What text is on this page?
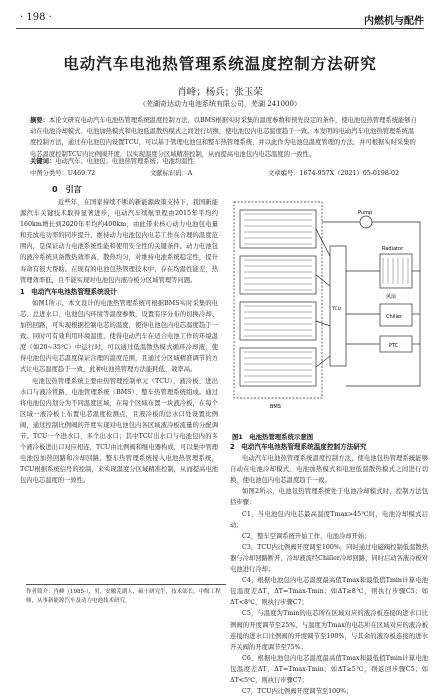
· 198 ·	内燃机与配件
电动汽车电池热管理系统温度控制方法研究
肖峰；杨兵；张玉荣
（芜湖奇达动力电池系统有限公司，芜湖 241000）
摘要：本论文研究电动汽车电池热管理系统温度控制方法，以BMS根据实时采集的温度参数和预先设定的条件，使电池包热管理系统能够自动在电池冷却模式、电池加热模式和电池低温散热模式之间进行切换，使电池包内电芯温度趋于一致。本发明的电动汽车电池热管理系统温度控制方法，通过在电池包内设置TCU，可以基于管理电池包和整车热管理系统，并以此作为电池包温度管理的方法，并可根据实时采集的电芯温度控制TCU内比例阀开度，以实现温度分区域精准控制，从而提高电池包内电芯温度的一致性。
关键词：电动汽车；电池包；电池热管理系统；电池均温性
中图分类号：U469.72	文献标识码：A	文章编号：1674-957X（2021）05-0198-02
0　引言
近些年，在国家持续不断的新能源政策支持下，我国新能源汽车关键技术取得显著进步，电动汽车续航里程由2015年平均约160km增长到2020年平均约400km，由此带来核心动力电池包电量和充放电功率的同步提升，维持动力电池包内电芯工作在合理的温度范围内，是保证动力电池系统性能和使用安全性的关键条件。动力电池包的液冷系统具备散热效率高、散热均匀，对维持电池系统稳定性，提升寿命有很大帮助。在现有的电池包热管理技术中，存在均温性能差，热管理效率低，且不能实现对电池包内液冷板分区域管理等问题。
1　电动汽车电池热管理系统设计
如图1所示，本文设计的电池热管理系统可根据BMS实时采集的电芯、总进水口、电池包内环境等温度参数，设置有序分布的切换冷却、加热回路，可实现根据控制电芯的温度，使得电池包内电芯温度趋于一致。同时可有效利用环境温度，使得电动汽车在适合电池工作的环境温度（如20~35℃）中运行时，可以通过低温散热模式循环冷却液，使得电池包内电芯温度保证合理的温度范围，且通过分区域精准调节的方式让电芯温度趋于一致，此种电池热管理方法能耗低、效率高。
电池包热管理系统主要由热管理控制单元（TCU）、液冷板、进出水口与液冷管路、电池管理系统（BMS）、整车热管理系统组成。通过将电池包内划分为不同温度区域，在每个区域布置一块液冷板，在每个区域一液冷板上布置电芯温度检测点，且液冷板的总水口处设置比例阀，通过控制比例阀的开度实现对电池包内各区域液冷板流量的分配调节。TCU一个进水口、多个出水口；其中TCU出水口与电池包内的多个液冷板进出口对应相连，TCU由比例阀和继电器构成，可以集中管理电池包加热回路和冷却回路，整车热管理系统接入电池热管理系统，TCU根据系统信号的控制，来实现温度分区域精准控制，从而提高电池包内电芯温度的一致性。
Pump
Radiator
Chiller
PTC
TCU
BMS
风扇
图1　电池热管理系统示意图
2　电动汽车电池热管理系统温度控制方法研究
电动汽车电池热管理系统温度控制方法，使电池包热管理系统能够自动在电池冷却模式、电池加热模式和电池低温散热模式之间进行切换，使电池包内电芯温度趋于一致。
如图2所示，电池包热管理系统处于电池冷却模式时，控制方法包括步骤：
C1，当电池包内电芯最高温度Tmax>45℃时，电池冷却模式启动；
C2，整车空调系统开始工作，电池冷却开始；
C3，TCU内比例阀开度调至100%，同时通过电磁阀控制低温散热器与冷却回路断开，冷却液流经Chiller冷却回路，同时启动各液冷板对电池进行冷却；
C4，根据电池包内电芯温度最高值Tmax和最低值Tmin计算电池包温度差ΔT，ΔT=Tmax-Tmin；如ΔT≥8℃，则执行步骤C5；如ΔT<8℃，则执行步骤C7；
C5，与温度为Tmin的电芯所在区域对应的液冷板连接的进水口比例阀的开度调节至25%，与温度为Tmax的电芯所在区域对应的液冷板连接的进水口比例阀的开度调节至100%，与其余的液冷板连接的进水开关阀的开度调节至75%；
C6，根据电池包内电芯温度最高值Tmax和最低值Tmin计算电池包温度差ΔT，ΔT=Tmax-Tmin；如ΔT≥5℃，则返回步骤C5；如ΔT<5℃，则执行步骤C7；
C7，TCU内比例阀开度调节至100%；
作者简介：肖峰（1985-），男，安徽芜湖人，硕士研究生，技术部长，中级工程师，从事新能源汽车及动力电池技术研究。
